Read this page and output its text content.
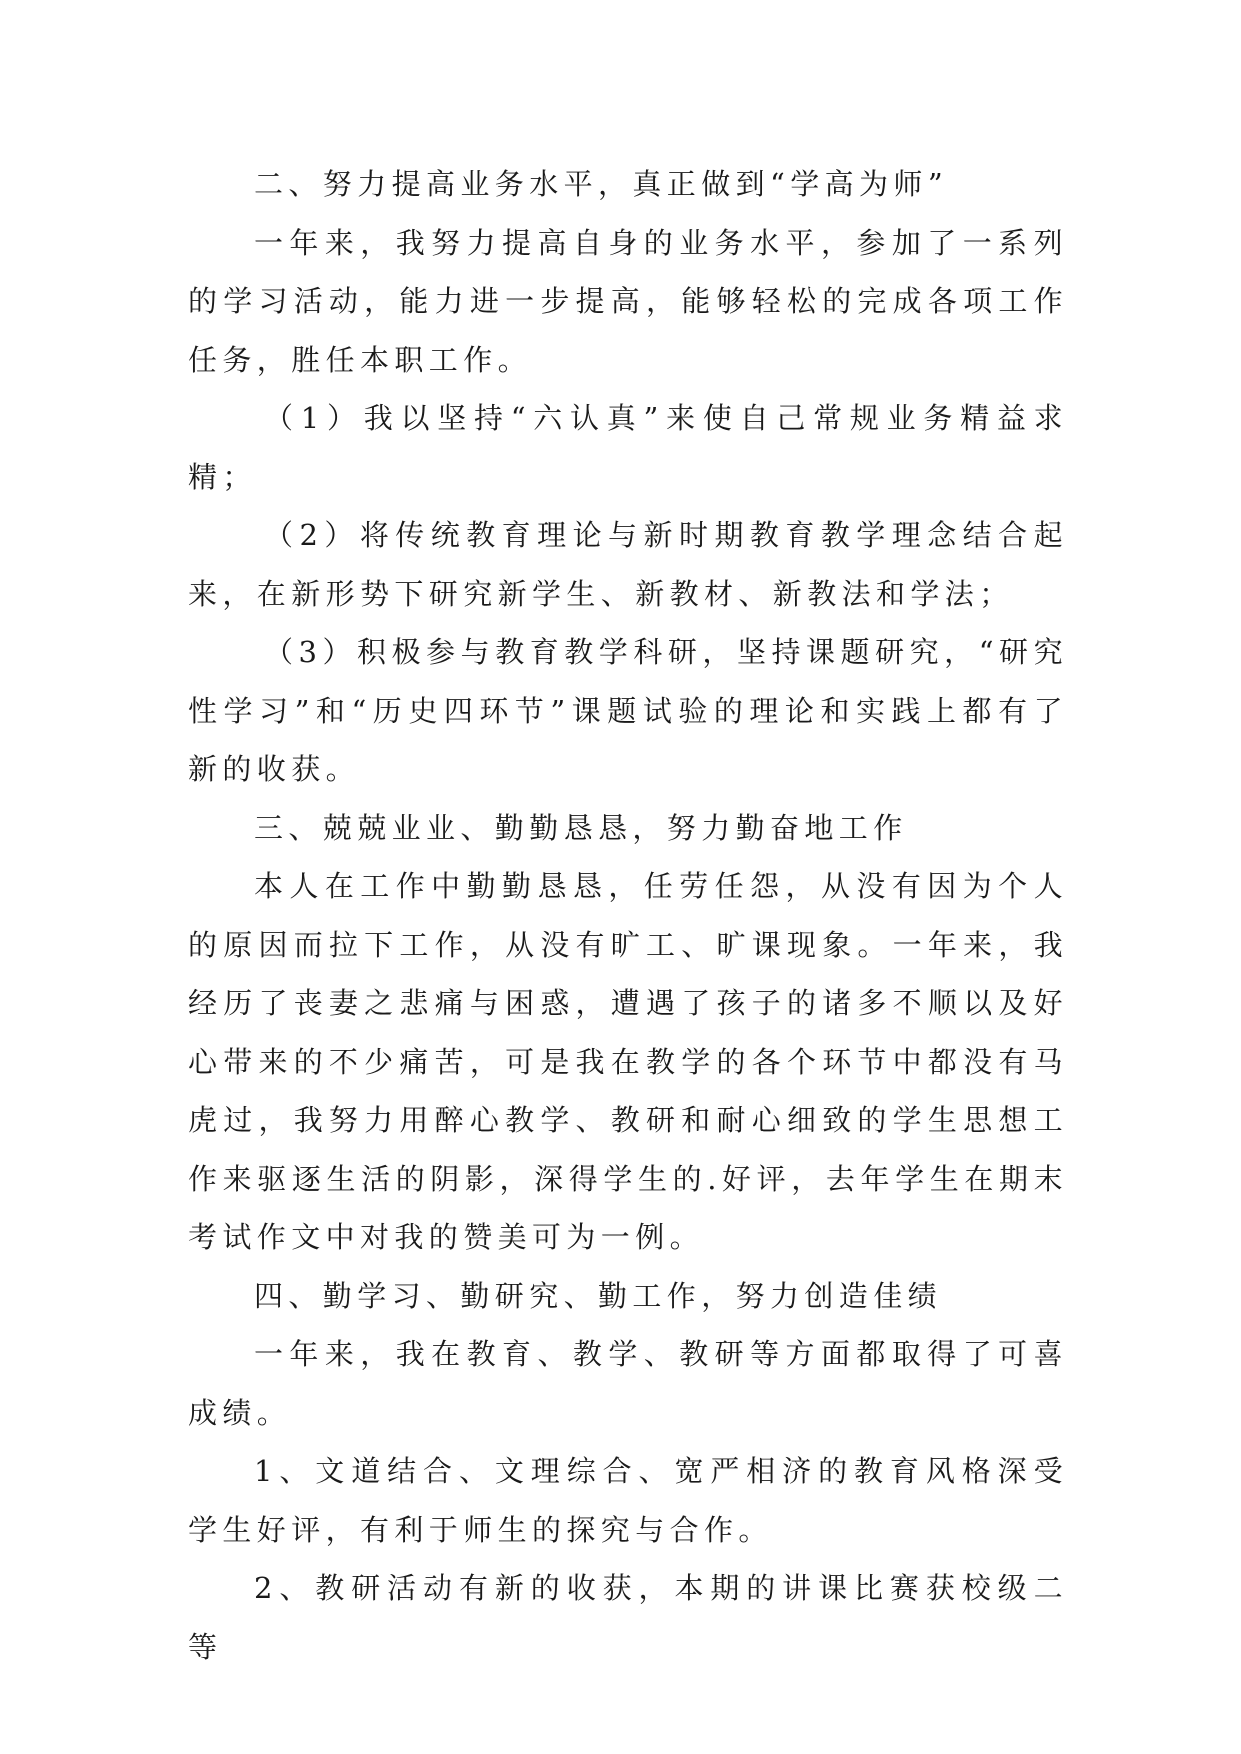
二、努力提高业务水平，真正做到“学高为师”

一年来，我努力提高自身的业务水平，参加了一系列的学习活动，能力进一步提高，能够轻松的完成各项工作任务，胜任本职工作。

（1）我以坚持“六认真”来使自己常规业务精益求精；

（2）将传统教育理论与新时期教育教学理念结合起来，在新形势下研究新学生、新教材、新教法和学法；

（3）积极参与教育教学科研，坚持课题研究，“研究性学习”和“历史四环节”课题试验的理论和实践上都有了新的收获。

三、兢兢业业、勤勤恳恳，努力勤奋地工作

本人在工作中勤勤恳恳，任劳任怨，从没有因为个人的原因而拉下工作，从没有旷工、旷课现象。一年来，我经历了丧妻之悲痛与困惑，遭遇了孩子的诸多不顺以及好心带来的不少痛苦，可是我在教学的各个环节中都没有马虎过，我努力用醉心教学、教研和耐心细致的学生思想工作来驱逐生活的阴影，深得学生的.好评，去年学生在期末考试作文中对我的赞美可为一例。

四、勤学习、勤研究、勤工作，努力创造佳绩

一年来，我在教育、教学、教研等方面都取得了可喜成绩。

1、文道结合、文理综合、宽严相济的教育风格深受学生好评，有利于师生的探究与合作。

2、教研活动有新的收获，本期的讲课比赛获校级二等
